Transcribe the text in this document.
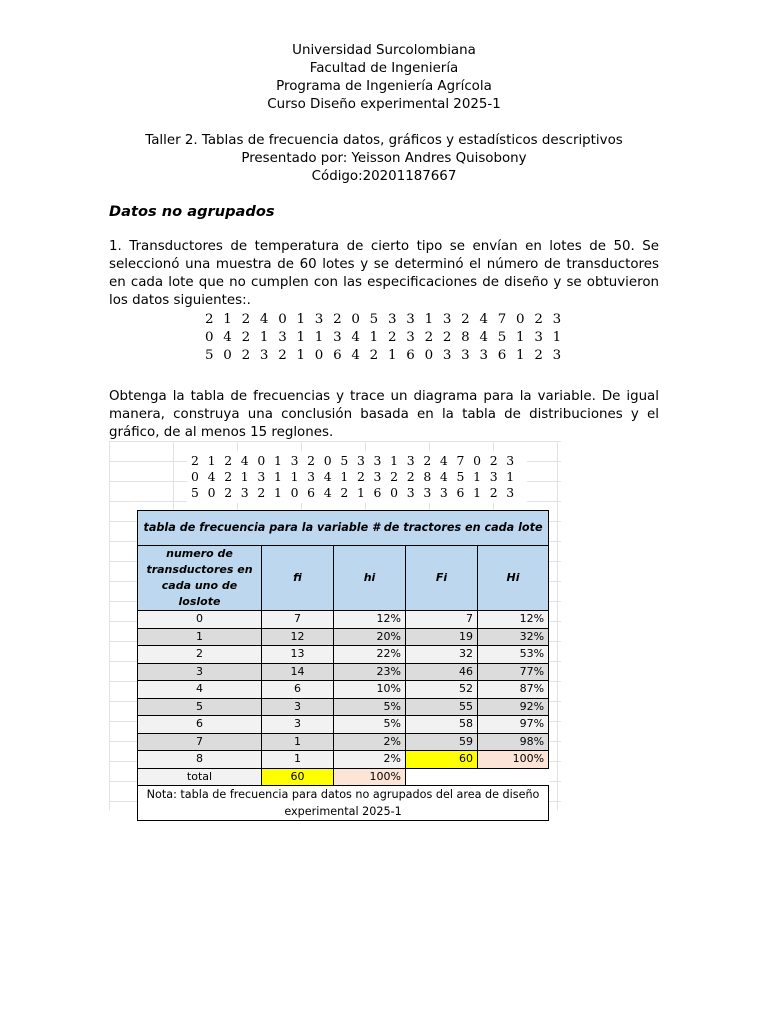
Universidad Surcolombiana
Facultad de Ingeniería
Programa de Ingeniería Agrícola
Curso Diseño experimental 2025-1
Taller 2. Tablas de frecuencia datos, gráficos y estadísticos descriptivos
Presentado por: Yeisson Andres Quisobony
Código:20201187667
Datos no agrupados
1. Transductores de temperatura de cierto tipo se envían en lotes de 50. Se seleccionó una muestra de 60 lotes y se determinó el número de transductores en cada lote que no cumplen con las especificaciones de diseño y se obtuvieron los datos siguientes:.
2 1 2 4 0 1 3 2 0 5 3 3 1 3 2 4 7 0 2 3
0 4 2 1 3 1 1 3 4 1 2 3 2 2 8 4 5 1 3 1
5 0 2 3 2 1 0 6 4 2 1 6 0 3 3 3 6 1 2 3
Obtenga la tabla de frecuencias y trace un diagrama para la variable. De igual manera, construya una conclusión basada en la tabla de distribuciones y el gráfico, de al menos 15 reglones.
2 1 2 4 0 1 3 2 0 5 3 3 1 3 2 4 7 0 2 3
0 4 2 1 3 1 1 3 4 1 2 3 2 2 8 4 5 1 3 1
5 0 2 3 2 1 0 6 4 2 1 6 0 3 3 3 6 1 2 3
tabla de frecuencia para la variable # de tractores en cada lote				
numero de transductores en cada uno de loslote	fi	hi	Fi	Hi
0	7	12%	7	12%
1	12	20%	19	32%
2	13	22%	32	53%
3	14	23%	46	77%
4	6	10%	52	87%
5	3	5%	55	92%
6	3	5%	58	97%
7	1	2%	59	98%
8	1	2%	60	100%
total	60	100%		
Nota: tabla de frecuencia para datos no agrupados del area de diseño experimental 2025-1				
